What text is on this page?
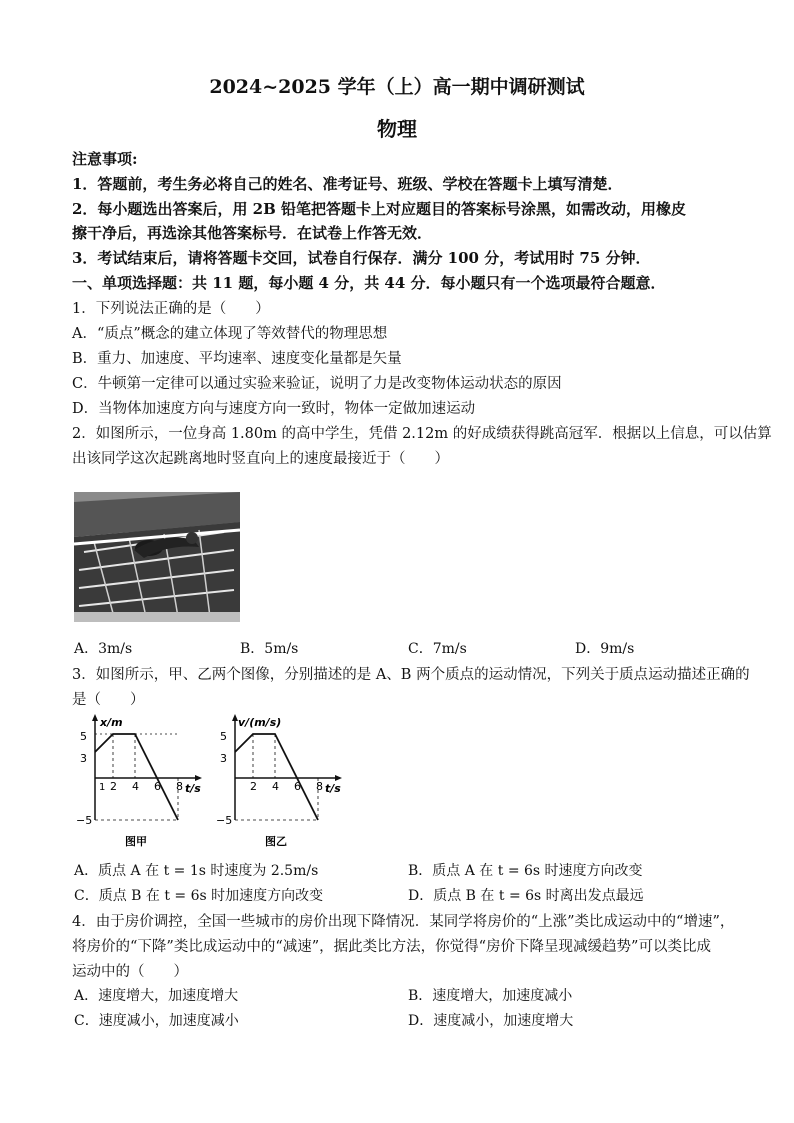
2024~2025 学年（上）高一期中调研测试
物理
注意事项:
1．答题前，考生务必将自己的姓名、准考证号、班级、学校在答题卡上填写清楚．
2．每小题选出答案后，用 2B 铅笔把答题卡上对应题目的答案标号涂黑，如需改动，用橡皮
擦干净后，再选涂其他答案标号．在试卷上作答无效．
3．考试结束后，请将答题卡交回，试卷自行保存．满分 100 分，考试用时 75 分钟．
一、单项选择题：共 11 题，每小题 4 分，共 44 分．每小题只有一个选项最符合题意．
1．下列说法正确的是（　　）
A．“质点”概念的建立体现了等效替代的物理思想
B．重力、加速度、平均速率、速度变化量都是矢量
C．牛顿第一定律可以通过实验来验证，说明了力是改变物体运动状态的原因
D．当物体加速度方向与速度方向一致时，物体一定做加速运动
2．如图所示，一位身高 1.80m 的高中学生，凭借 2.12m 的好成绩获得跳高冠军．根据以上信息，可以估算
出该同学这次起跳离地时竖直向上的速度最接近于（　　）
A．3m/s	B．5m/s	C．7m/s	D．9m/s
3．如图所示，甲、乙两个图像，分别描述的是 A、B 两个质点的运动情况，下列关于质点运动描述正确的
是（　　）
x/m
t/s
5
3
−5
1 2 4 6 8
图甲
v/(m/s)
t/s
5
3
−5
2 4 6 8
图乙
A．质点 A 在 t = 1s 时速度为 2.5m/s	B．质点 A 在 t = 6s 时速度方向改变
C．质点 B 在 t = 6s 时加速度方向改变	D．质点 B 在 t = 6s 时离出发点最远
4．由于房价调控，全国一些城市的房价出现下降情况．某同学将房价的“上涨”类比成运动中的“增速”，
将房价的“下降”类比成运动中的“减速”，据此类比方法，你觉得“房价下降呈现减缓趋势”可以类比成
运动中的（　　）
A．速度增大，加速度增大	B．速度增大，加速度减小
C．速度减小，加速度减小	D．速度减小，加速度增大
